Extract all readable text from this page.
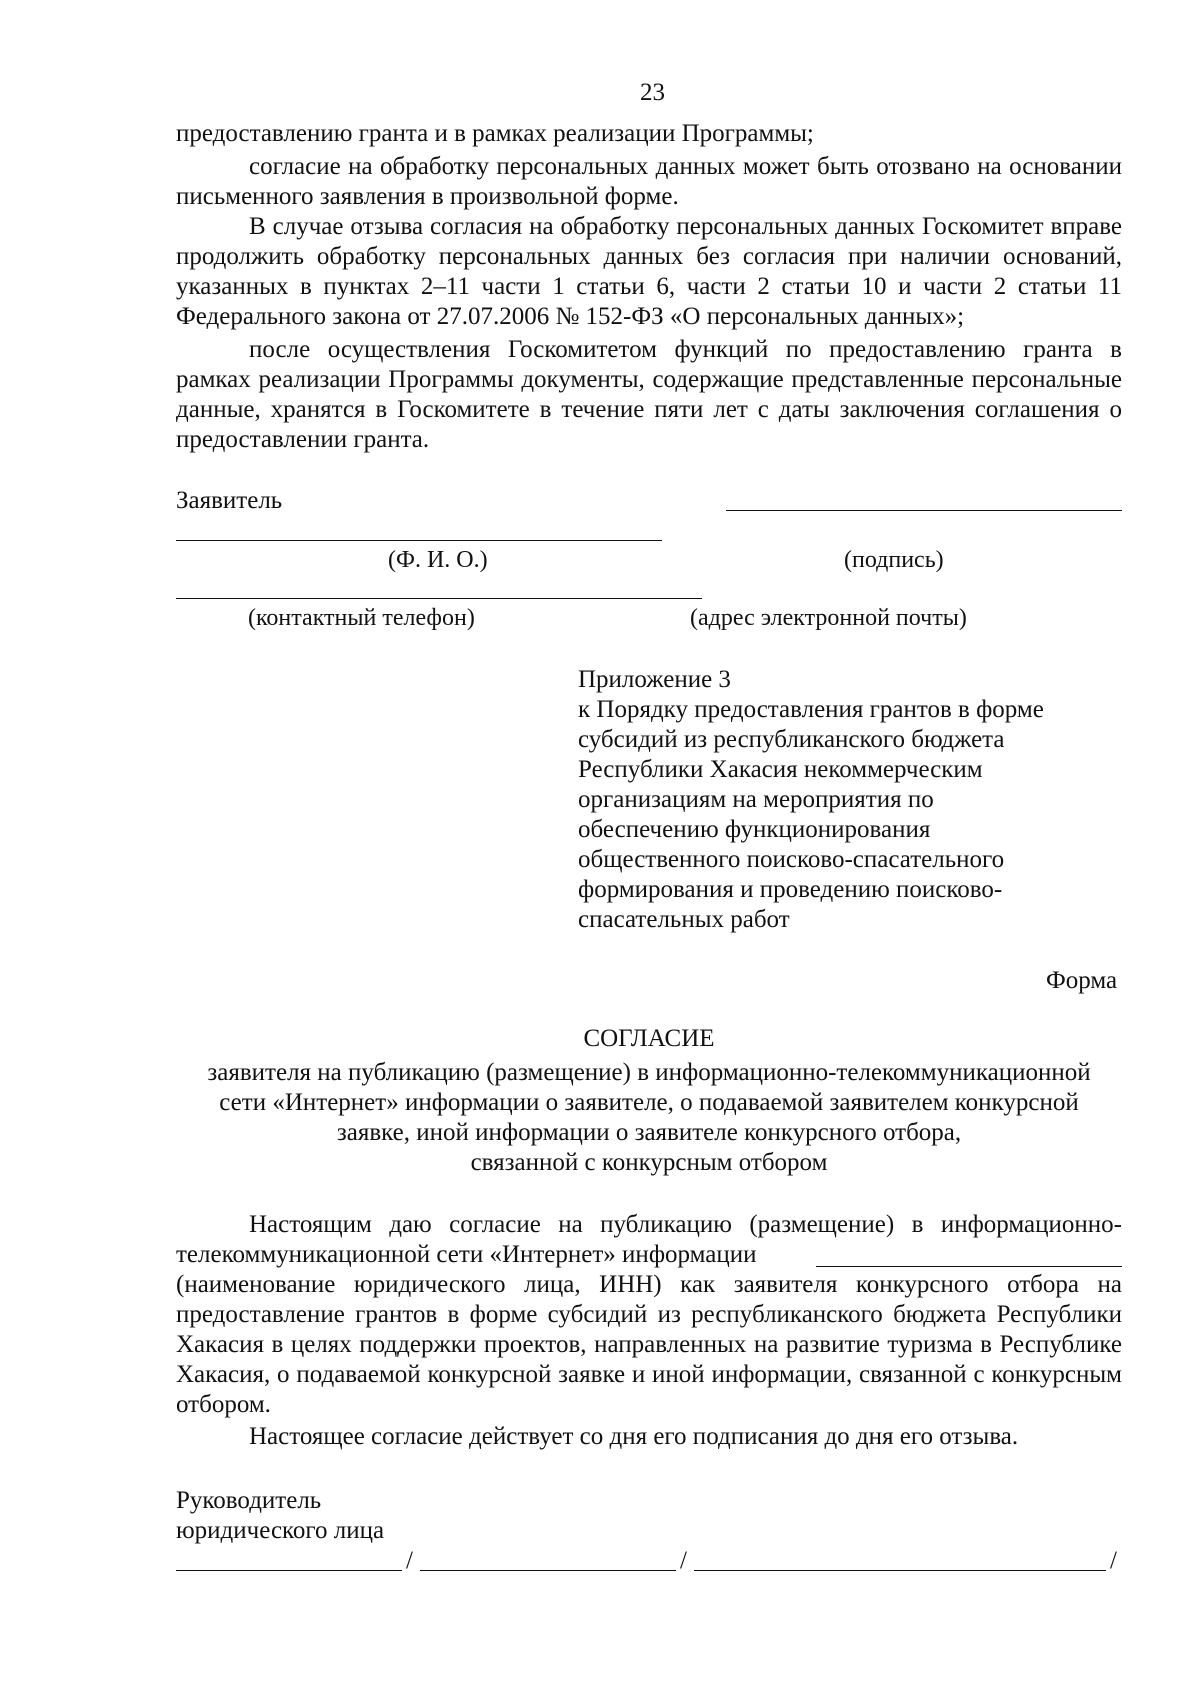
23
предоставлению гранта и в рамках реализации Программы;
согласие на обработку персональных данных может быть отозвано на основании письменного заявления в произвольной форме.
В случае отзыва согласия на обработку персональных данных Госкомитет вправе продолжить обработку персональных данных без согласия при наличии оснований, указанных в пунктах 2–11 части 1 статьи 6, части 2 статьи 10 и части 2 статьи 11 Федерального закона от 27.07.2006 № 152-ФЗ «О персональных данных»;
после осуществления Госкомитетом функций по предоставлению гранта в рамках реализации Программы документы, содержащие представленные персональные данные, хранятся в Госкомитете в течение пяти лет с даты заключения соглашения о предоставлении гранта.
Заявитель
(Ф. И. О.)	(подпись)
(контактный телефон)	(адрес электронной почты)
Приложение 3
к Порядку предоставления грантов в форме
субсидий из республиканского бюджета
Республики Хакасия некоммерческим
организациям на мероприятия по
обеспечению функционирования
общественного поисково-спасательного
формирования и проведению поисково-
спасательных работ
Форма
СОГЛАСИЕ
заявителя на публикацию (размещение) в информационно-телекоммуникационной
сети «Интернет» информации о заявителе, о подаваемой заявителем конкурсной
заявке, иной информации о заявителе конкурсного отбора,
связанной с конкурсным отбором
Настоящим даю согласие на публикацию (размещение) в информационно-
телекоммуникационной сети «Интернет» информации
(наименование юридического лица, ИНН) как заявителя конкурсного отбора на предоставление грантов в форме субсидий из республиканского бюджета Республики Хакасия в целях поддержки проектов, направленных на развитие туризма в Республике Хакасия, о подаваемой конкурсной заявке и иной информации, связанной с конкурсным отбором.
Настоящее согласие действует со дня его подписания до дня его отзыва.
Руководитель
юридического лица
/	/	/
